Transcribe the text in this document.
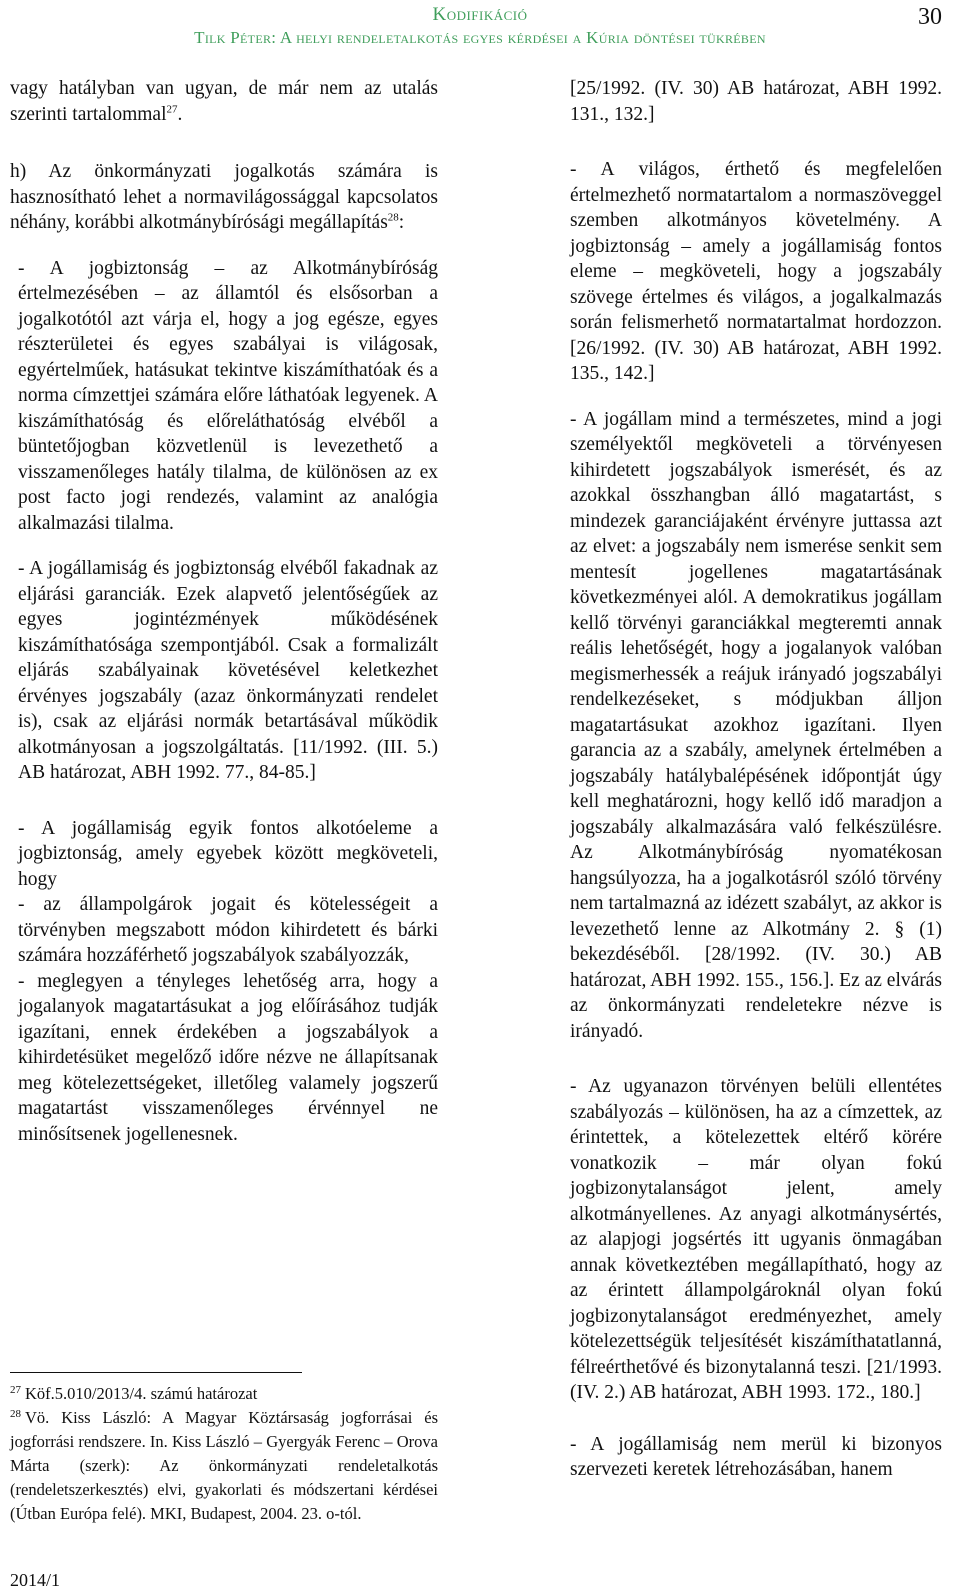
Kodifikáció
Tilk Péter: A helyi rendeletalkotás egyes kérdései a Kúria döntései tükrében
30

vagy hatályban van ugyan, de már nem az utalás szerinti tartalommal$^{27}$.

h) Az önkormányzati jogalkotás számára is hasznosítható lehet a normavilágossággal kapcsolatos néhány, korábbi alkotmánybírósági megállapítás$^{28}$:

- A jogbiztonság – az Alkotmánybíróság értelmezésében – az államtól és elsősorban a jogalkotótól azt várja el, hogy a jog egésze, egyes részterületei és egyes szabályai is világosak, egyértelműek, hatásukat tekintve kiszámíthatóak és a norma címzettjei számára előre láthatóak legyenek. A kiszámíthatóság és előreláthatóság elvéből a büntetőjogban közvetlenül is levezethető a visszamenőleges hatály tilalma, de különösen az ex post facto jogi rendezés, valamint az analógia alkalmazási tilalma.

- A jogállamiság és jogbiztonság elvéből fakadnak az eljárási garanciák. Ezek alapvető jelentőségűek az egyes jogintézmények működésének kiszámíthatósága szempontjából. Csak a formalizált eljárás szabályainak követésével keletkezhet érvényes jogszabály (azaz önkormányzati rendelet is), csak az eljárási normák betartásával működik alkotmányosan a jogszolgáltatás. [11/1992. (III. 5.) AB határozat, ABH 1992. 77., 84-85.]

- A jogállamiság egyik fontos alkotóeleme a jogbiztonság, amely egyebek között megköveteli, hogy

- az állampolgárok jogait és kötelességeit a törvényben megszabott módon kihirdetett és bárki számára hozzáférhető jogszabályok szabályozzák,

- meglegyen a tényleges lehetőség arra, hogy a jogalanyok magatartásukat a jog előírásához tudják igazítani, ennek érdekében a jogszabályok a kihirdetésüket megelőző időre nézve ne állapítsanak meg kötelezettségeket, illetőleg valamely jogszerű magatartást visszamenőleges érvénnyel ne minősítsenek jogellenesnek.

[25/1992. (IV. 30) AB határozat, ABH 1992. 131., 132.]

- A világos, érthető és megfelelően értelmezhető normatartalom a normaszöveggel szemben alkotmányos követelmény. A jogbiztonság – amely a jogállamiság fontos eleme – megköveteli, hogy a jogszabály szövege értelmes és világos, a jogalkalmazás során felismerhető normatartalmat hordozzon. [26/1992. (IV. 30) AB határozat, ABH 1992. 135., 142.]

- A jogállam mind a természetes, mind a jogi személyektől megköveteli a törvényesen kihirdetett jogszabályok ismerését, és az azokkal összhangban álló magatartást, s mindezek garanciájaként érvényre juttassa azt az elvet: a jogszabály nem ismerése senkit sem mentesít jogellenes magatartásának következményei alól. A demokratikus jogállam kellő törvényi garanciákkal megteremti annak reális lehetőségét, hogy a jogalanyok valóban megismerhessék a reájuk irányadó jogszabályi rendelkezéseket, s módjukban álljon magatartásukat azokhoz igazítani. Ilyen garancia az a szabály, amelynek értelmében a jogszabály hatálybalépésének időpontját úgy kell meghatározni, hogy kellő idő maradjon a jogszabály alkalmazására való felkészülésre. Az Alkotmánybíróság nyomatékosan hangsúlyozza, ha a jogalkotásról szóló törvény nem tartalmazná az idézett szabályt, az akkor is levezethető lenne az Alkotmány 2. § (1) bekezdéséből. [28/1992. (IV. 30.) AB határozat, ABH 1992. 155., 156.]. Ez az elvárás az önkormányzati rendeletekre nézve is irányadó.

- Az ugyanazon törvényen belüli ellentétes szabályozás – különösen, ha az a címzettek, az érintettek, a kötelezettek eltérő körére vonatkozik – már olyan fokú jogbizonytalanságot jelent, amely alkotmányellenes. Az anyagi alkotmánysértés, az alapjogi jogsértés itt ugyanis önmagában annak következtében megállapítható, hogy az az érintett állampolgároknál olyan fokú jogbizonytalanságot eredményezhet, amely kötelezettségük teljesítését kiszámíthatatlanná, félreérthetővé és bizonytalanná teszi. [21/1993. (IV. 2.) AB határozat, ABH 1993. 172., 180.]

- A jogállamiság nem merül ki bizonyos szervezeti keretek létrehozásában, hanem

$^{27}$ Köf.5.010/2013/4. számú határozat

$^{28}$ Vö. Kiss László: A Magyar Köztársaság jogforrásai és jogforrási rendszere. In. Kiss László – Gyergyák Ferenc – Orova Márta (szerk): Az önkormányzati rendeletalkotás (rendeletszerkesztés) elvi, gyakorlati és módszertani kérdései (Útban Európa felé). MKI, Budapest, 2004. 23. o-tól.

2014/1
